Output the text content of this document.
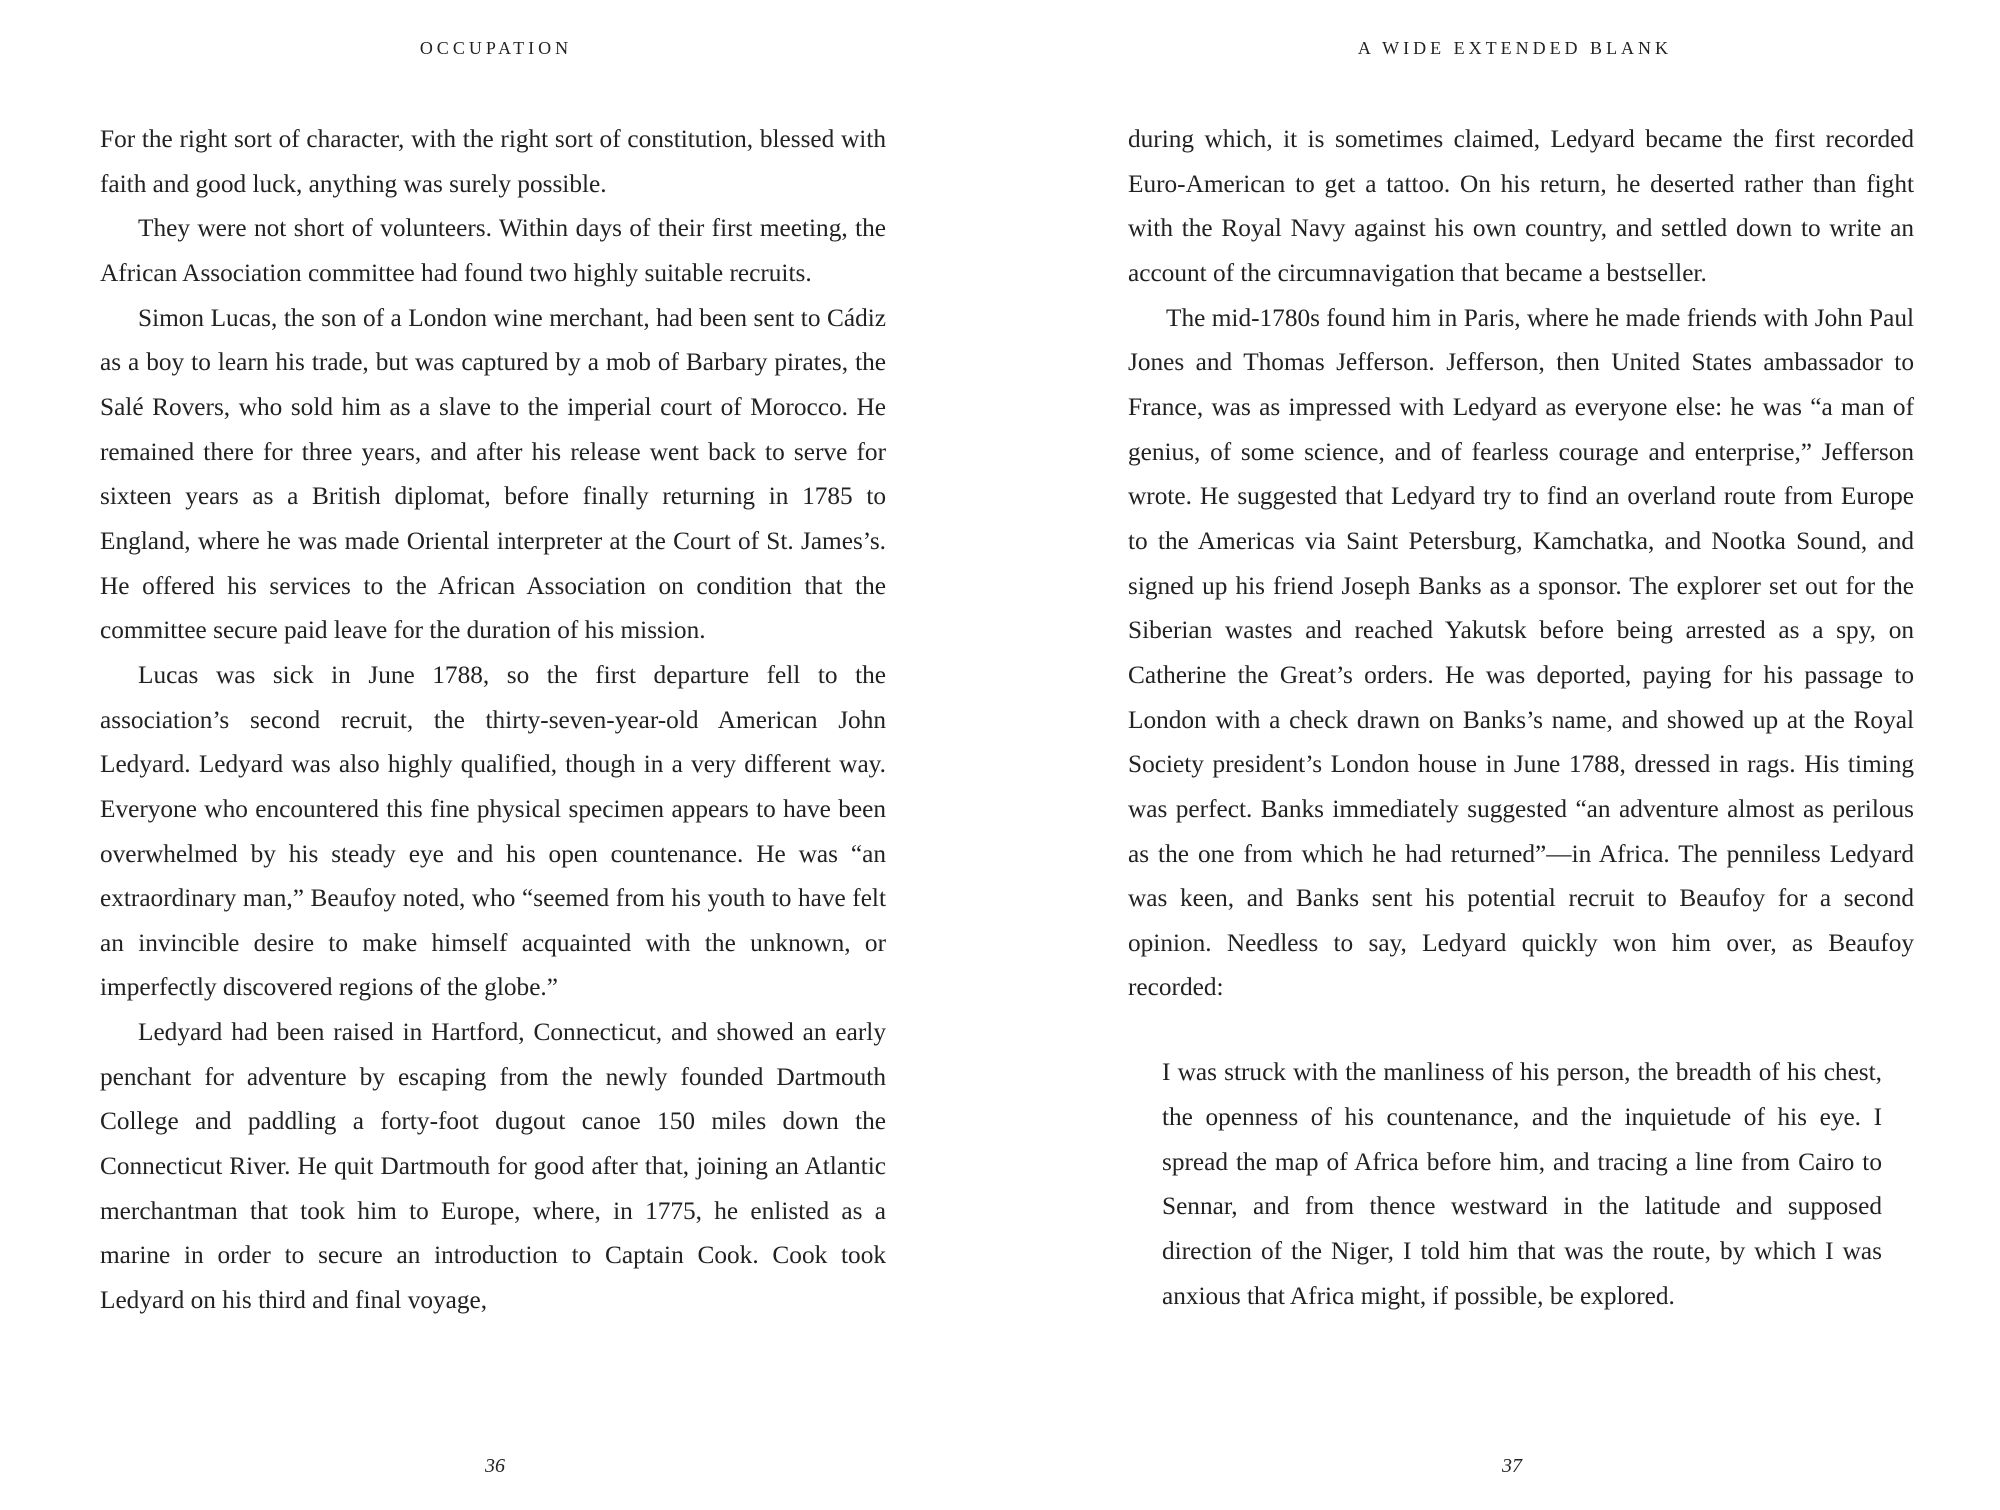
OCCUPATION

For the right sort of character, with the right sort of constitution, blessed with faith and good luck, anything was surely possible.

They were not short of volunteers. Within days of their first meeting, the African Association committee had found two highly suitable recruits.

Simon Lucas, the son of a London wine merchant, had been sent to Cádiz as a boy to learn his trade, but was captured by a mob of Barbary pirates, the Salé Rovers, who sold him as a slave to the imperial court of Morocco. He remained there for three years, and after his release went back to serve for sixteen years as a British diplomat, before finally returning in 1785 to England, where he was made Oriental interpreter at the Court of St. James’s. He offered his services to the African Association on condition that the committee secure paid leave for the duration of his mission.

Lucas was sick in June 1788, so the first departure fell to the association’s second recruit, the thirty-seven-year-old American John Ledyard. Ledyard was also highly qualified, though in a very different way. Everyone who encountered this fine physical specimen appears to have been overwhelmed by his steady eye and his open countenance. He was “an extraordinary man,” Beaufoy noted, who “seemed from his youth to have felt an invincible desire to make himself acquainted with the unknown, or imperfectly discovered regions of the globe.”

Ledyard had been raised in Hartford, Connecticut, and showed an early penchant for adventure by escaping from the newly founded Dartmouth College and paddling a forty-foot dugout canoe 150 miles down the Connecticut River. He quit Dartmouth for good after that, joining an Atlantic merchantman that took him to Europe, where, in 1775, he enlisted as a marine in order to secure an introduction to Captain Cook. Cook took Ledyard on his third and final voyage,

36
A WIDE EXTENDED BLANK

during which, it is sometimes claimed, Ledyard became the first recorded Euro-American to get a tattoo. On his return, he deserted rather than fight with the Royal Navy against his own country, and settled down to write an account of the circumnavigation that became a bestseller.

The mid-1780s found him in Paris, where he made friends with John Paul Jones and Thomas Jefferson. Jefferson, then United States ambassador to France, was as impressed with Ledyard as everyone else: he was “a man of genius, of some science, and of fearless courage and enterprise,” Jefferson wrote. He suggested that Ledyard try to find an overland route from Europe to the Americas via Saint Petersburg, Kamchatka, and Nootka Sound, and signed up his friend Joseph Banks as a sponsor. The explorer set out for the Siberian wastes and reached Yakutsk before being arrested as a spy, on Catherine the Great’s orders. He was deported, paying for his passage to London with a check drawn on Banks’s name, and showed up at the Royal Society president’s London house in June 1788, dressed in rags. His timing was perfect. Banks immediately suggested “an adventure almost as perilous as the one from which he had returned”—in Africa. The penniless Ledyard was keen, and Banks sent his potential recruit to Beaufoy for a second opinion. Needless to say, Ledyard quickly won him over, as Beaufoy recorded:

I was struck with the manliness of his person, the breadth of his chest, the openness of his countenance, and the inquietude of his eye. I spread the map of Africa before him, and tracing a line from Cairo to Sennar, and from thence westward in the latitude and supposed direction of the Niger, I told him that was the route, by which I was anxious that Africa might, if possible, be explored.

37
